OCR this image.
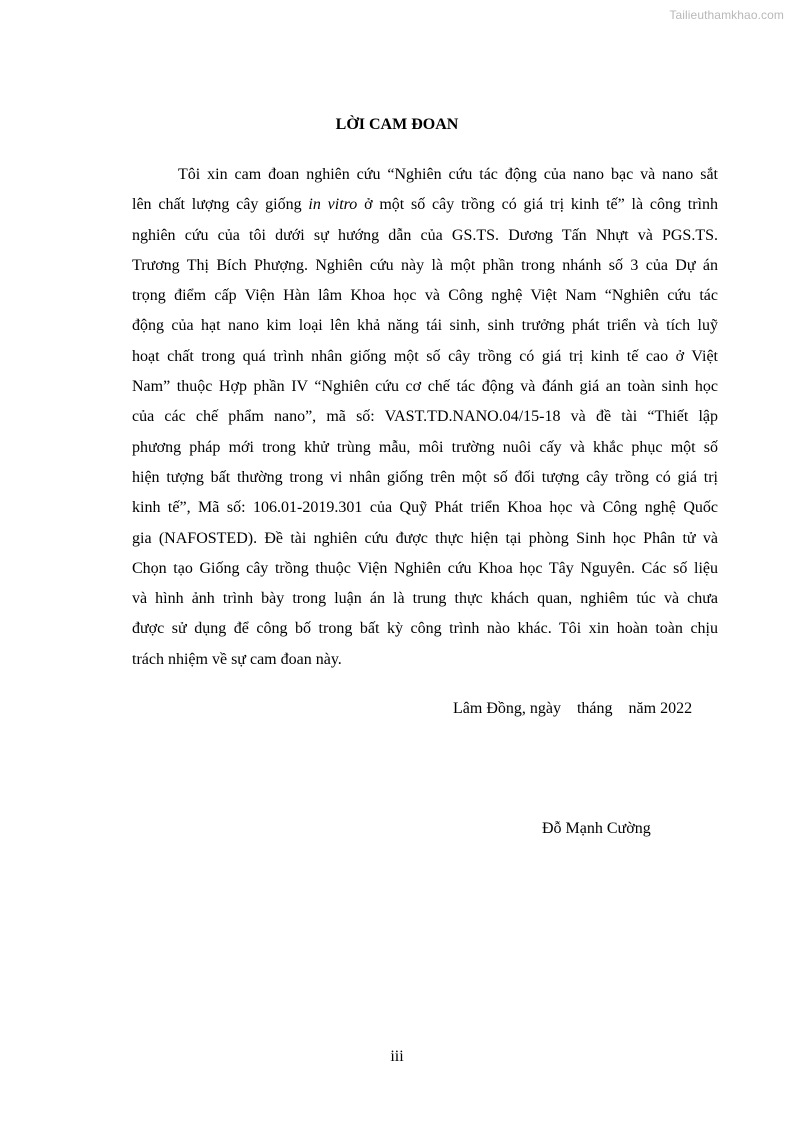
Tailieuthamkhao.com
LỜI CAM ĐOAN
Tôi xin cam đoan nghiên cứu “Nghiên cứu tác động của nano bạc và nano sắt
lên chất lượng cây giống in vitro ở một số cây trồng có giá trị kinh tế” là công trình
nghiên cứu của tôi dưới sự hướng dẫn của GS.TS. Dương Tấn Nhựt và PGS.TS.
Trương Thị Bích Phượng. Nghiên cứu này là một phần trong nhánh số 3 của Dự án
trọng điểm cấp Viện Hàn lâm Khoa học và Công nghệ Việt Nam “Nghiên cứu tác
động của hạt nano kim loại lên khả năng tái sinh, sinh trưởng phát triển và tích luỹ
hoạt chất trong quá trình nhân giống một số cây trồng có giá trị kinh tế cao ở Việt
Nam” thuộc Hợp phần IV “Nghiên cứu cơ chế tác động và đánh giá an toàn sinh học
của các chế phẩm nano”, mã số: VAST.TD.NANO.04/15-18 và đề tài “Thiết lập
phương pháp mới trong khử trùng mẫu, môi trường nuôi cấy và khắc phục một số
hiện tượng bất thường trong vi nhân giống trên một số đối tượng cây trồng có giá trị
kinh tế”, Mã số: 106.01-2019.301 của Quỹ Phát triển Khoa học và Công nghệ Quốc
gia (NAFOSTED). Đề tài nghiên cứu được thực hiện tại phòng Sinh học Phân tử và
Chọn tạo Giống cây trồng thuộc Viện Nghiên cứu Khoa học Tây Nguyên. Các số liệu
và hình ảnh trình bày trong luận án là trung thực khách quan, nghiêm túc và chưa
được sử dụng để công bố trong bất kỳ công trình nào khác. Tôi xin hoàn toàn chịu
trách nhiệm về sự cam đoan này.
Lâm Đồng, ngày    tháng    năm 2022
Đỗ Mạnh Cường
iii
